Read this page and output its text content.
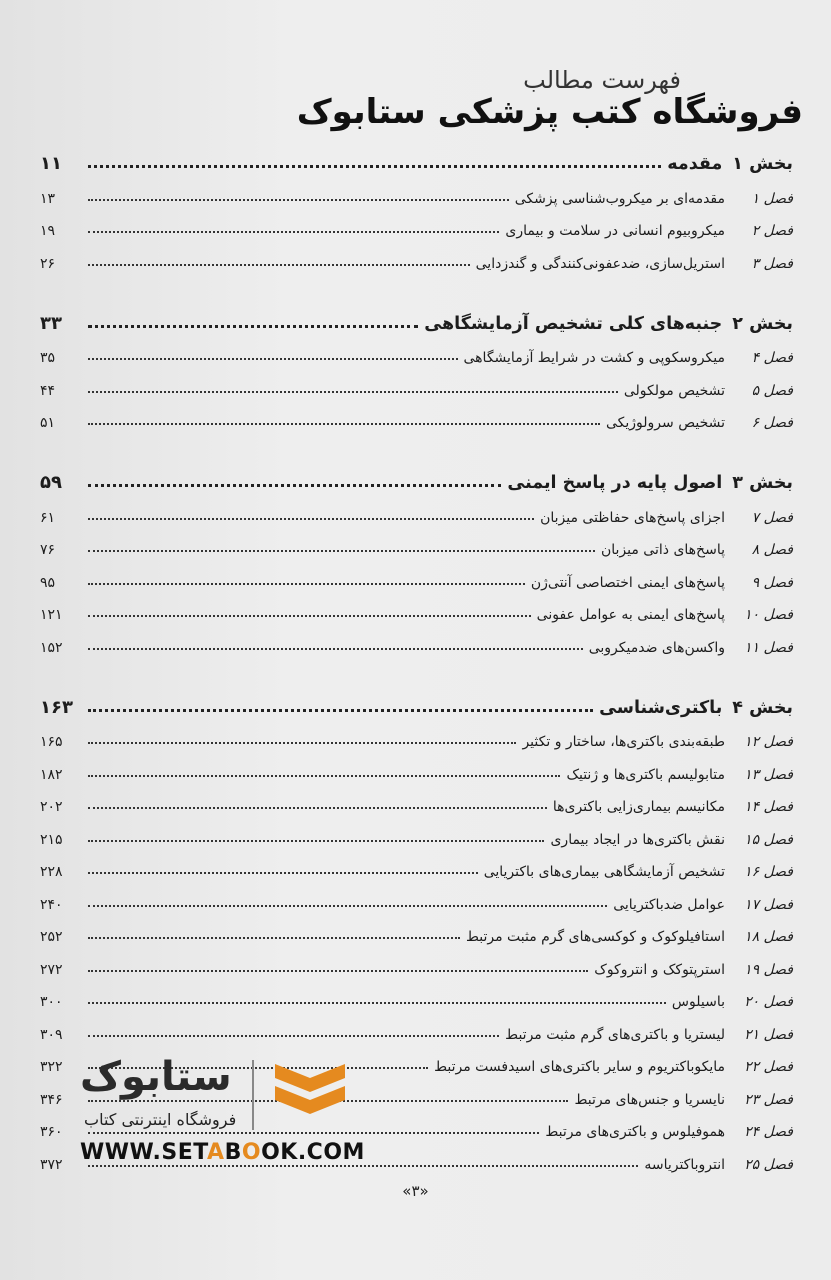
فهرست مطالب
فروشگاه کتب پزشکی ستابوک
بخش ۱
مقدمه
۱۱
فصل ۱
مقدمه‌ای بر میکروب‌شناسی پزشکی
۱۳
فصل ۲
میکروبیوم انسانی در سلامت و بیماری
۱۹
فصل ۳
استریل‌سازی، ضدعفونی‌کنندگی و گندزدایی
۲۶
بخش ۲
جنبه‌های کلی تشخیص آزمایشگاهی
۳۳
فصل ۴
میکروسکوپی و کشت در شرایط آزمایشگاهی
۳۵
فصل ۵
تشخیص مولکولی
۴۴
فصل ۶
تشخیص سرولوژیکی
۵۱
بخش ۳
اصول پایه در پاسخ ایمنی
۵۹
فصل ۷
اجزای پاسخ‌های حفاظتی میزبان
۶۱
فصل ۸
پاسخ‌های ذاتی میزبان
۷۶
فصل ۹
پاسخ‌های ایمنی اختصاصی آنتی‌ژن
۹۵
فصل ۱۰
پاسخ‌های ایمنی به عوامل عفونی
۱۲۱
فصل ۱۱
واکسن‌های ضدمیکروبی
۱۵۲
بخش ۴
باکتری‌شناسی
۱۶۳
فصل ۱۲
طبقه‌بندی باکتری‌ها، ساختار و تکثیر
۱۶۵
فصل ۱۳
متابولیسم باکتری‌ها و ژنتیک
۱۸۲
فصل ۱۴
مکانیسم بیماری‌زایی باکتری‌ها
۲۰۲
فصل ۱۵
نقش باکتری‌ها در ایجاد بیماری
۲۱۵
فصل ۱۶
تشخیص آزمایشگاهی بیماری‌های باکتریایی
۲۲۸
فصل ۱۷
عوامل ضدباکتریایی
۲۴۰
فصل ۱۸
استافیلوکوک و کوکسی‌های گرم مثبت مرتبط
۲۵۲
فصل ۱۹
استرپتوکک و انتروکوک
۲۷۲
فصل ۲۰
باسیلوس
۳۰۰
فصل ۲۱
لیستریا و باکتری‌های گرم مثبت مرتبط
۳۰۹
فصل ۲۲
مایکوباکتریوم و سایر باکتری‌های اسیدفست مرتبط
۳۲۲
فصل ۲۳
نایسریا و جنس‌های مرتبط
۳۴۶
فصل ۲۴
هموفیلوس و باکتری‌های مرتبط
۳۶۰
فصل ۲۵
انتروباکتریاسه
۳۷۲
«۳»
ستابوک
فروشگاه اینترنتی کتاب
WWW.SETABOOK.COM
